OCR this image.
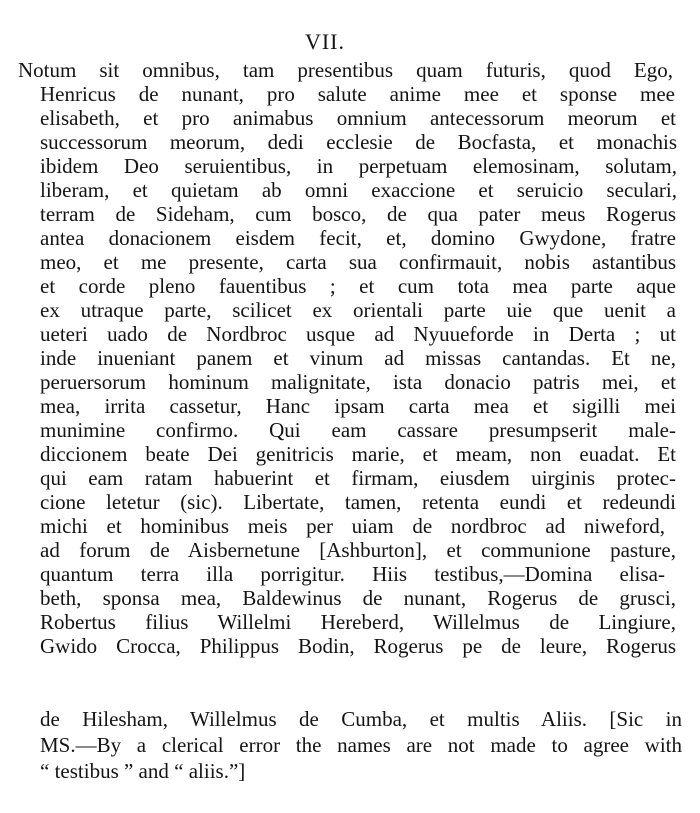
VII.
Notum sit omnibus, tam presentibus quam futuris, quod Ego,
Henricus de nunant, pro salute anime mee et sponse mee
elisabeth, et pro animabus omnium antecessorum meorum et
successorum meorum, dedi ecclesie de Bocfasta, et monachis
ibidem Deo seruientibus, in perpetuam elemosinam, solutam,
liberam, et quietam ab omni exaccione et seruicio seculari,
terram de Sideham, cum bosco, de qua pater meus Rogerus
antea donacionem eisdem fecit, et, domino Gwydone, fratre
meo, et me presente, carta sua confirmauit, nobis astantibus
et corde pleno fauentibus ; et cum tota mea parte aque
ex utraque parte, scilicet ex orientali parte uie que uenit a
ueteri uado de Nordbroc usque ad Nyuueforde in Derta ; ut
inde inueniant panem et vinum ad missas cantandas. Et ne,
peruersorum hominum malignitate, ista donacio patris mei, et
mea, irrita cassetur, Hanc ipsam carta mea et sigilli mei
munimine confirmo. Qui eam cassare presumpserit male-
diccionem beate Dei genitricis marie, et meam, non euadat. Et
qui eam ratam habuerint et firmam, eiusdem uirginis protec-
cione letetur (sic). Libertate, tamen, retenta eundi et redeundi
michi et hominibus meis per uiam de nordbroc ad niweford,
ad forum de Aisbernetune [Ashburton], et communione pasture,
quantum terra illa porrigitur. Hiis testibus,—Domina elisa-
beth, sponsa mea, Baldewinus de nunant, Rogerus de grusci,
Robertus filius Willelmi Hereberd, Willelmus de Lingiure,
Gwido Crocca, Philippus Bodin, Rogerus pe de leure, Rogerus
de Hilesham, Willelmus de Cumba, et multis Aliis. [Sic in
MS.—By a clerical error the names are not made to agree with
“ testibus ” and “ aliis.”]
